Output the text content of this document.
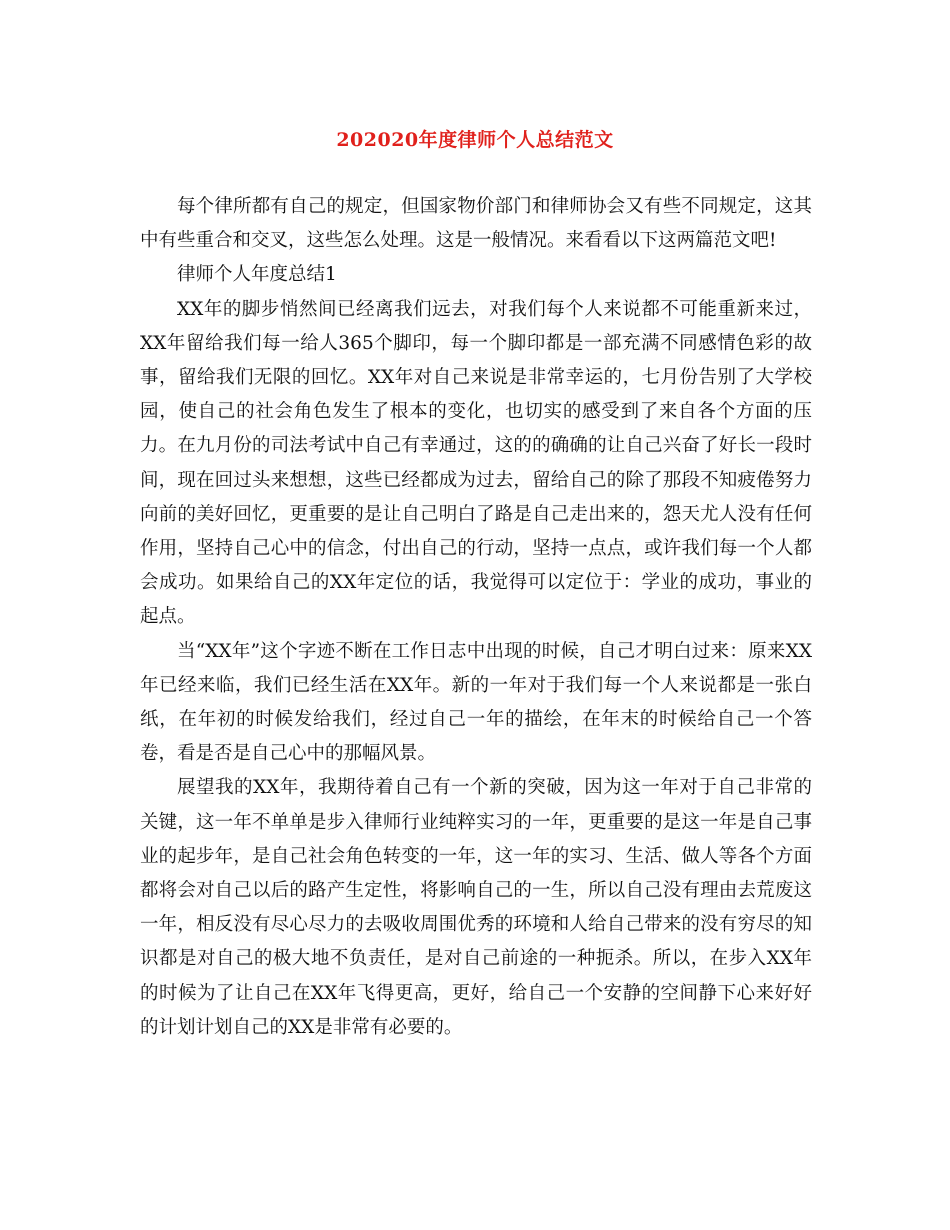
202020年度律师个人总结范文

每个律所都有自己的规定，但国家物价部门和律师协会又有些不同规定，这其中有些重合和交叉，这些怎么处理。这是一般情况。来看看以下这两篇范文吧!

律师个人年度总结1

XX年的脚步悄然间已经离我们远去，对我们每个人来说都不可能重新来过，XX年留给我们每一给人365个脚印，每一个脚印都是一部充满不同感情色彩的故事，留给我们无限的回忆。XX年对自己来说是非常幸运的，七月份告别了大学校园，使自己的社会角色发生了根本的变化，也切实的感受到了来自各个方面的压力。在九月份的司法考试中自己有幸通过，这的的确确的让自己兴奋了好长一段时间，现在回过头来想想，这些已经都成为过去，留给自己的除了那段不知疲倦努力向前的美好回忆，更重要的是让自己明白了路是自己走出来的，怨天尤人没有任何作用，坚持自己心中的信念，付出自己的行动，坚持一点点，或许我们每一个人都会成功。如果给自己的XX年定位的话，我觉得可以定位于：学业的成功，事业的起点。

当“XX年”这个字迹不断在工作日志中出现的时候，自己才明白过来：原来XX年已经来临，我们已经生活在XX年。新的一年对于我们每一个人来说都是一张白纸，在年初的时候发给我们，经过自己一年的描绘，在年末的时候给自己一个答卷，看是否是自己心中的那幅风景。

展望我的XX年，我期待着自己有一个新的突破，因为这一年对于自己非常的关键，这一年不单单是步入律师行业纯粹实习的一年，更重要的是这一年是自己事业的起步年，是自己社会角色转变的一年，这一年的实习、生活、做人等各个方面都将会对自己以后的路产生定性，将影响自己的一生，所以自己没有理由去荒废这一年，相反没有尽心尽力的去吸收周围优秀的环境和人给自己带来的没有穷尽的知识都是对自己的极大地不负责任，是对自己前途的一种扼杀。所以，在步入XX年的时候为了让自己在XX年飞得更高，更好，给自己一个安静的空间静下心来好好的计划计划自己的XX是非常有必要的。
